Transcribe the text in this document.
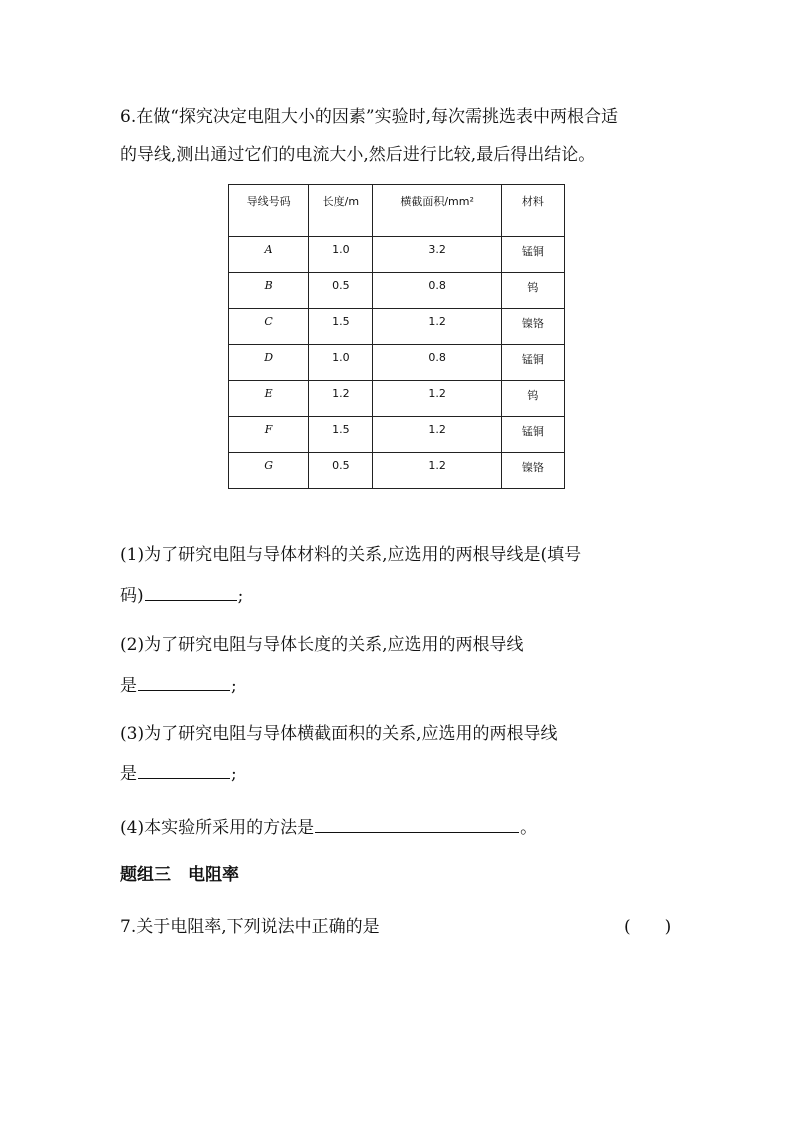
6.在做“探究决定电阻大小的因素”实验时,每次需挑选表中两根合适
的导线,测出通过它们的电流大小,然后进行比较,最后得出结论。
导线号码	长度/m	横截面积/mm²	材料
A	1.0	3.2	锰铜
B	0.5	0.8	钨
C	1.5	1.2	镍铬
D	1.0	0.8	锰铜
E	1.2	1.2	钨
F	1.5	1.2	锰铜
G	0.5	1.2	镍铬
(1)为了研究电阻与导体材料的关系,应选用的两根导线是(填号
码)	;
(2)为了研究电阻与导体长度的关系,应选用的两根导线
是	;
(3)为了研究电阻与导体横截面积的关系,应选用的两根导线
是	;
(4)本实验所采用的方法是	。
题组三　电阻率
7.关于电阻率,下列说法中正确的是	(　　)
